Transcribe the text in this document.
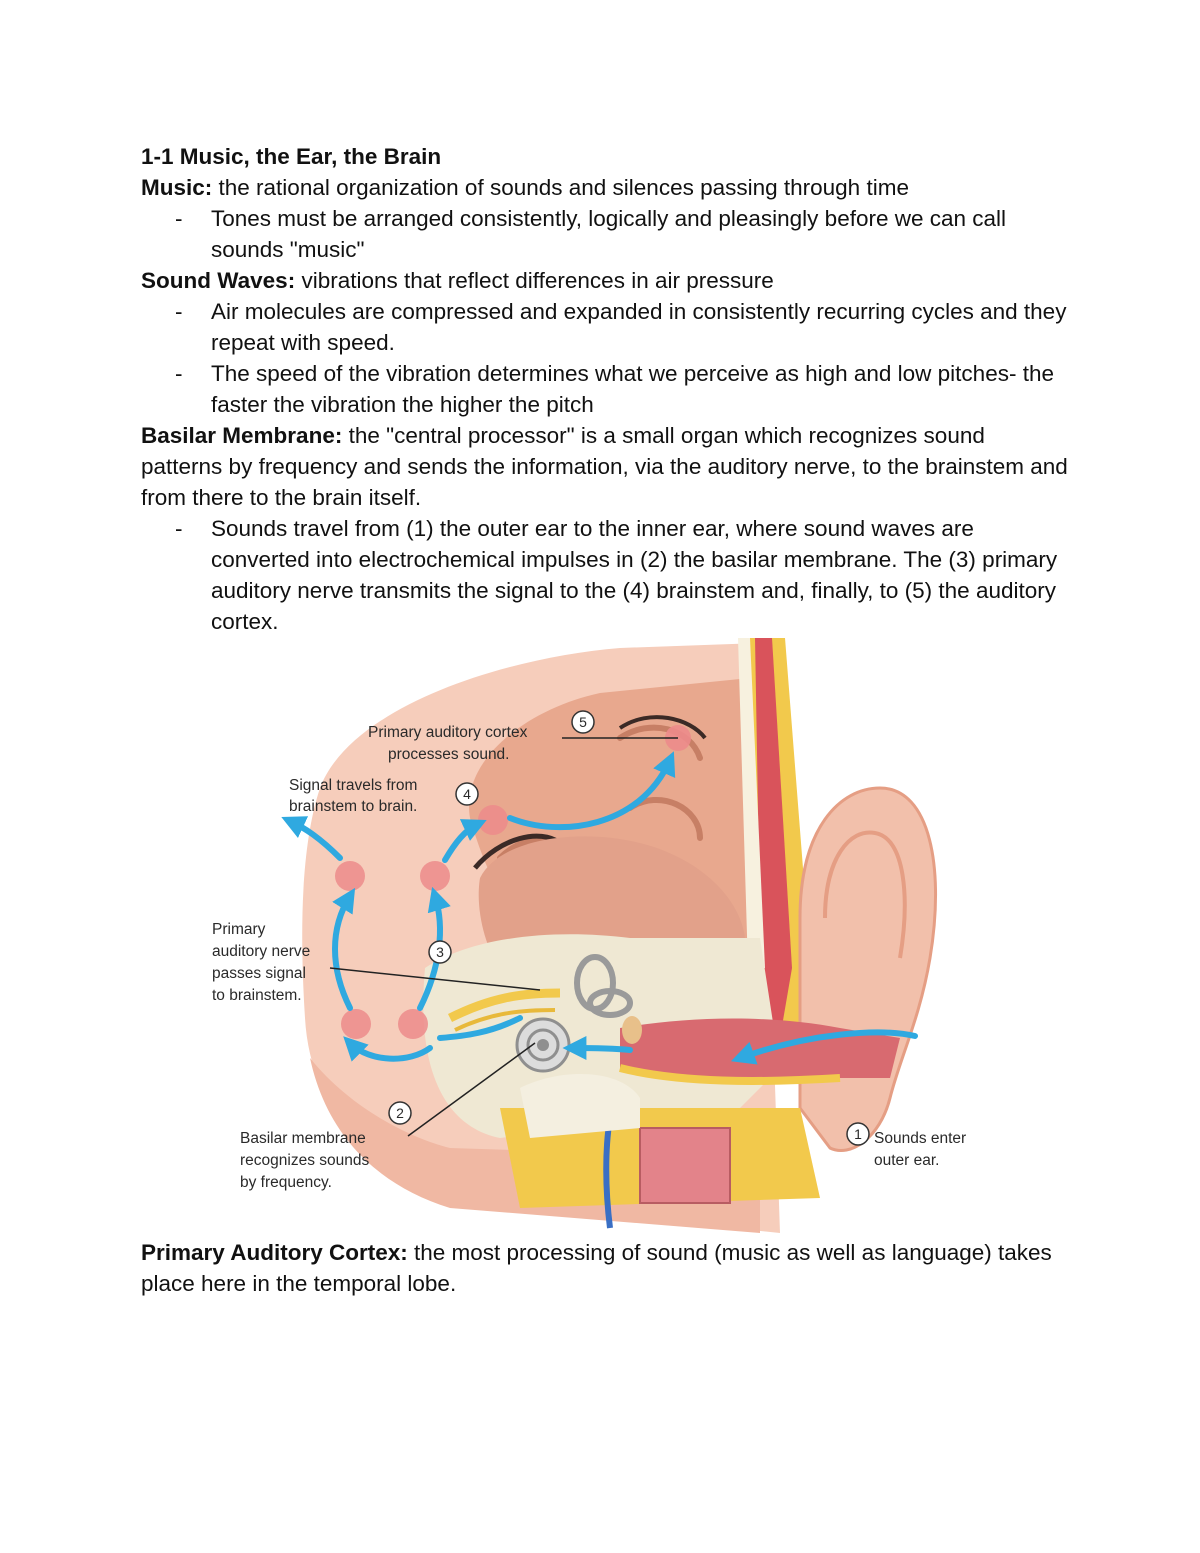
1-1 Music, the Ear, the Brain

Music: the rational organization of sounds and silences passing through time

- Tones must be arranged consistently, logically and pleasingly before we can call sounds "music"

Sound Waves: vibrations that reflect differences in air pressure

- Air molecules are compressed and expanded in consistently recurring cycles and they repeat with speed.

- The speed of the vibration determines what we perceive as high and low pitches- the faster the vibration the higher the pitch

Basilar Membrane: the "central processor" is a small organ which recognizes sound patterns by frequency and sends the information, via the auditory nerve, to the brainstem and from there to the brain itself.

- Sounds travel from (1) the outer ear to the inner ear, where sound waves are converted into electrochemical impulses in (2) the basilar membrane. The (3) primary auditory nerve transmits the signal to the (4) brainstem and, finally, to (5) the auditory cortex.

5
4
3
2
1
Primary auditory cortex
processes sound.
Signal travels from
brainstem to brain.
Primary
auditory nerve
passes signal
to brainstem.
Basilar membrane
recognizes sounds
by frequency.
Sounds enter
outer ear.

Primary Auditory Cortex: the most processing of sound (music as well as language) takes place here in the temporal lobe.
